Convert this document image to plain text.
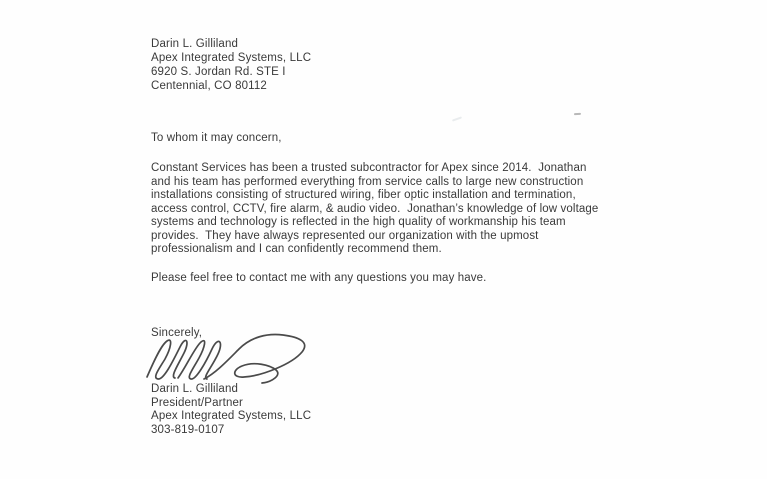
Darin L. Gilliland
Apex Integrated Systems, LLC
6920 S. Jordan Rd. STE I
Centennial, CO 80112
To whom it may concern,
Constant Services has been a trusted subcontractor for Apex since 2014.  Jonathan
and his team has performed everything from service calls to large new construction
installations consisting of structured wiring, fiber optic installation and termination,
access control, CCTV, fire alarm, & audio video.  Jonathan’s knowledge of low voltage
systems and technology is reflected in the high quality of workmanship his team
provides.  They have always represented our organization with the upmost
professionalism and I can confidently recommend them.
Please feel free to contact me with any questions you may have.
Sincerely,
Darin L. Gilliland
President/Partner
Apex Integrated Systems, LLC
303-819-0107
